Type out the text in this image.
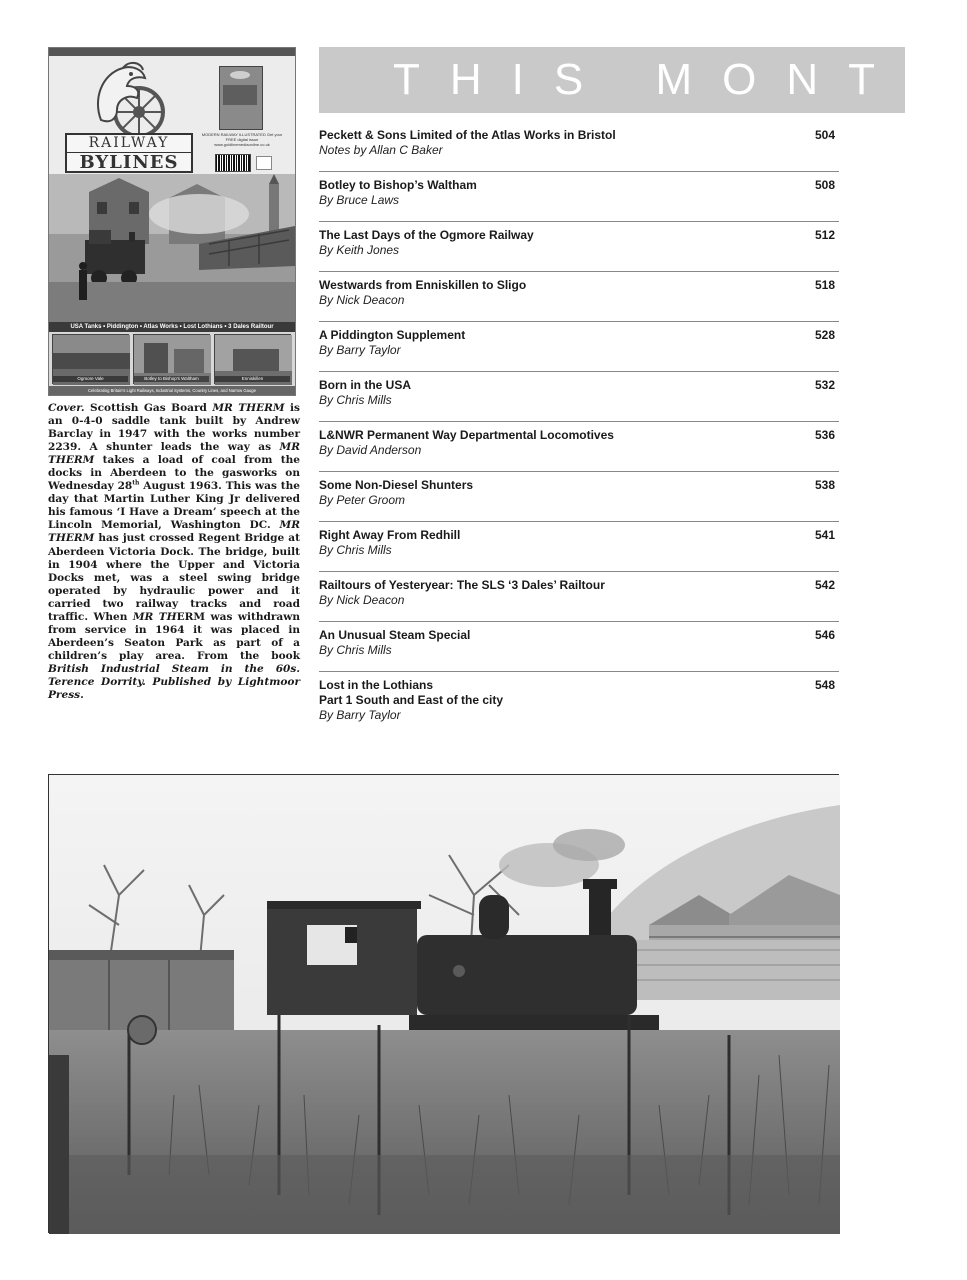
RAILWAY
BYLINES
MODERN RAILWAY ILLUSTRATED Get your FREE digital issue www.goldlinemediaonline.co.uk
USA Tanks • Piddington • Atlas Works • Lost Lothians • 3 Dales Railtour
Ogmore Vale	Botley to Bishop's Waltham	Enniskillen
Celebrating Britain's Light Railways, Industrial Systems, Country Lines, and Narrow Gauge

Cover. Scottish Gas Board MR THERM is an 0-4-0 saddle tank built by Andrew Barclay in 1947 with the works number 2239. A shunter leads the way as MR THERM takes a load of coal from the docks in Aberdeen to the gasworks on Wednesday 28th August 1963. This was the day that Martin Luther King Jr delivered his famous ‘I Have a Dream’ speech at the Lincoln Memorial, Washington DC. MR THERM has just crossed Regent Bridge at Aberdeen Victoria Dock. The bridge, built in 1904 where the Upper and Victoria Docks met, was a steel swing bridge operated by hydraulic power and it carried two railway tracks and road traffic. When MR THERM was withdrawn from service in 1964 it was placed in Aberdeen’s Seaton Park as part of a children’s play area. From the book British Industrial Steam in the 60s. Terence Dorrity. Published by Lightmoor Press.

THIS MONTH
Peckett & Sons Limited of the Atlas Works in Bristol
Notes by Allan C Baker
504
Botley to Bishop’s Waltham
By Bruce Laws
508
The Last Days of the Ogmore Railway
By Keith Jones
512
Westwards from Enniskillen to Sligo
By Nick Deacon
518
A Piddington Supplement
By Barry Taylor
528
Born in the USA
By Chris Mills
532
L&NWR Permanent Way Departmental Locomotives
By David Anderson
536
Some Non-Diesel Shunters
By Peter Groom
538
Right Away From Redhill
By Chris Mills
541
Railtours of Yesteryear: The SLS ‘3 Dales’ Railtour
By Nick Deacon
542
An Unusual Steam Special
By Chris Mills
546
Lost in the Lothians
Part 1 South and East of the city
By Barry Taylor
548
